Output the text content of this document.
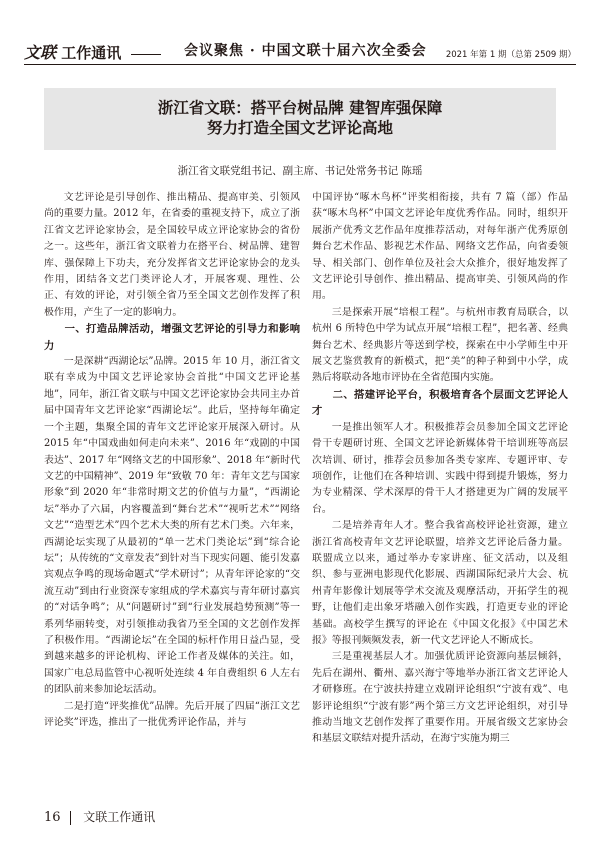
文联 工作通讯	会议聚焦 · 中国文联十届六次全委会 2021 年第 1 期（总第 2509 期）
浙江省文联：搭平台树品牌 建智库强保障
努力打造全国文艺评论高地
浙江省文联党组书记、副主席、书记处常务书记 陈瑶

文艺评论是引导创作、推出精品、提高审美、引领风尚的重要力量。2012 年，在省委的重视支持下，成立了浙江省文艺评论家协会，是全国较早成立评论家协会的省份之一。这些年，浙江省文联着力在搭平台、树品牌、建智库、强保障上下功夫，充分发挥省文艺评论家协会的龙头作用，团结各文艺门类评论人才，开展客观、理性、公正、有效的评论，对引领全省乃至全国文艺创作发挥了积极作用，产生了一定的影响力。

一、打造品牌活动，增强文艺评论的引导力和影响力

一是深耕“西湖论坛”品牌。2015 年 10 月，浙江省文联有幸成为中国文艺评论家协会首批“中国文艺评论基地”，同年，浙江省文联与中国文艺评论家协会共同主办首届中国青年文艺评论家“西湖论坛”。此后，坚持每年确定一个主题，集聚全国的青年文艺评论家开展深入研讨。从 2015 年“中国戏曲如何走向未来”、2016 年“戏剧的中国表达”、2017 年“网络文艺的中国形象”、2018 年“新时代文艺的中国精神”、2019 年“致敬 70 年：青年文艺与国家形象”到 2020 年“非常时期文艺的价值与力量”，“西湖论坛”举办了六届，内容覆盖到“舞台艺术”“视听艺术”“网络文艺”“造型艺术”四个艺术大类的所有艺术门类。六年来，西湖论坛实现了从最初的“单一艺术门类论坛”到“综合论坛”；从传统的“文章发表”到针对当下现实问题、能引发嘉宾观点争鸣的现场命题式“学术研讨”；从青年评论家的“交流互动”到由行业资深专家组成的学术嘉宾与青年研讨嘉宾的“对话争鸣”；从“问题研讨”到“行业发展趋势预测”等一系列华丽转变，对引领推动我省乃至全国的文艺创作发挥了积极作用。“西湖论坛”在全国的标杆作用日益凸显，受到越来越多的评论机构、评论工作者及媒体的关注。如，国家广电总局监管中心视听处连续 4 年自费组织 6 人左右的团队前来参加论坛活动。

二是打造“评奖推优”品牌。先后开展了四届“浙江文艺评论奖”评选，推出了一批优秀评论作品，并与

中国评协“啄木鸟杯”评奖相衔接，共有 7 篇（部）作品获“啄木鸟杯”中国文艺评论年度优秀作品。同时，组织开展浙产优秀文艺作品年度推荐活动，对每年浙产优秀原创舞台艺术作品、影视艺术作品、网络文艺作品，向省委领导、相关部门、创作单位及社会大众推介，很好地发挥了文艺评论引导创作、推出精品、提高审美、引领风尚的作用。

三是探索开展“培根工程”。与杭州市教育局联合，以杭州 6 所特色中学为试点开展“培根工程”，把名著、经典舞台艺术、经典影片等送到学校，探索在中小学师生中开展文艺鉴赏教育的新模式，把“美”的种子种到中小学，成熟后将联动各地市评协在全省范围内实施。

二、搭建评论平台，积极培育各个层面文艺评论人才

一是推出领军人才。积极推荐会员参加全国文艺评论骨干专题研讨班、全国文艺评论新媒体骨干培训班等高层次培训、研讨，推荐会员参加各类专家库、专题评审、专项创作，让他们在各种培训、实践中得到提升锻炼，努力为专业精深、学术深厚的骨干人才搭建更为广阔的发展平台。

二是培养青年人才。整合我省高校评论社资源，建立浙江省高校青年文艺评论联盟，培养文艺评论后备力量。联盟成立以来，通过举办专家讲座、征文活动，以及组织、参与亚洲电影现代化影展、西湖国际纪录片大会、杭州青年影像计划展等学术交流及观摩活动，开拓学生的视野，让他们走出象牙塔融入创作实践，打造更专业的评论基础。高校学生撰写的评论在《中国文化报》《中国艺术报》等报刊频频发表，新一代文艺评论人不断成长。

三是重视基层人才。加强优质评论资源向基层倾斜，先后在湖州、衢州、嘉兴海宁等地举办浙江省文艺评论人才研修班。在宁波扶持建立戏剧评论组织“宁波有戏”、电影评论组织“宁波有影”两个第三方文艺评论组织，对引导推动当地文艺创作发挥了重要作用。开展省级文艺家协会和基层文联结对提升活动，在海宁实施为期三

16 文联工作通讯
